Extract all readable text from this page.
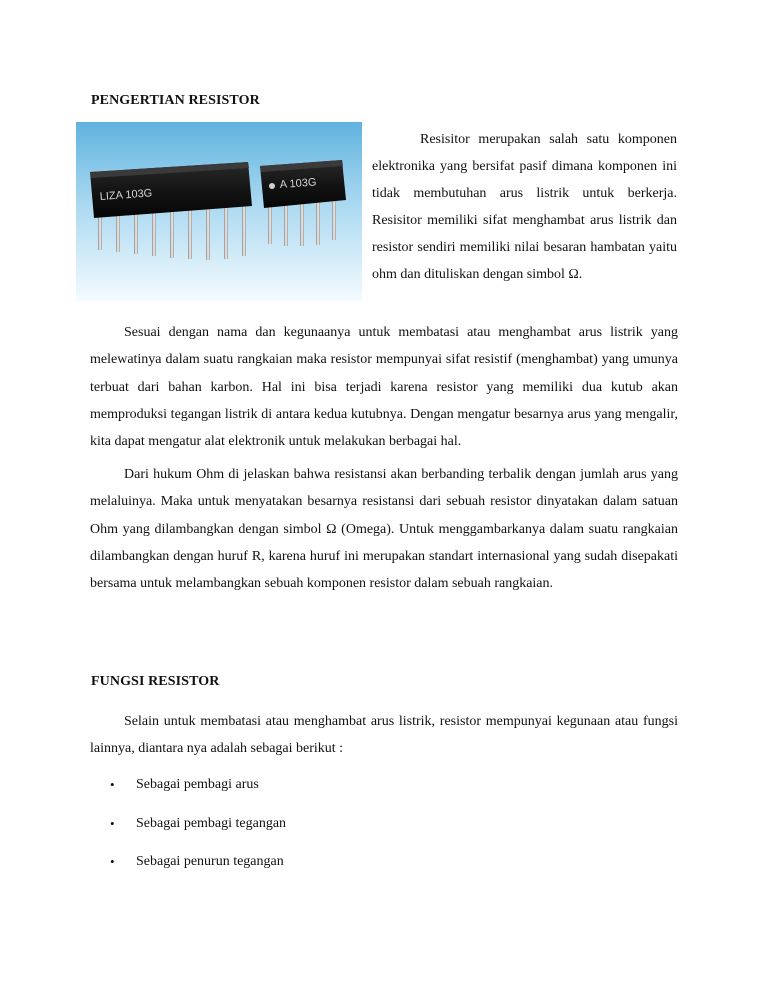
PENGERTIAN RESISTOR
LIZA 103G
A 103G

Resisitor merupakan salah satu komponen elektronika yang bersifat pasif dimana komponen ini tidak membutuhan arus listrik untuk berkerja. Resisitor memiliki sifat menghambat arus listrik dan resistor sendiri memiliki nilai besaran hambatan yaitu ohm dan dituliskan dengan simbol Ω.

Sesuai dengan nama dan kegunaanya untuk membatasi atau menghambat arus listrik yang melewatinya dalam suatu rangkaian maka resistor mempunyai sifat resistif (menghambat) yang umunya terbuat dari bahan karbon. Hal ini bisa terjadi karena resistor yang memiliki dua kutub akan memproduksi tegangan listrik di antara kedua kutubnya. Dengan mengatur besarnya arus yang mengalir, kita dapat mengatur alat elektronik untuk melakukan berbagai hal.

Dari hukum Ohm di jelaskan bahwa resistansi akan berbanding terbalik dengan jumlah arus yang melaluinya. Maka untuk menyatakan besarnya resistansi dari sebuah resistor dinyatakan dalam satuan Ohm yang dilambangkan dengan simbol Ω (Omega). Untuk menggambarkanya dalam suatu rangkaian dilambangkan dengan huruf R, karena huruf ini merupakan standart internasional yang sudah disepakati bersama untuk melambangkan sebuah komponen resistor dalam sebuah rangkaian.

FUNGSI RESISTOR

Selain untuk membatasi atau menghambat arus listrik, resistor mempunyai kegunaan atau fungsi lainnya, diantara nya adalah sebagai berikut :

• Sebagai pembagi arus
• Sebagai pembagi tegangan
• Sebagai penurun tegangan
